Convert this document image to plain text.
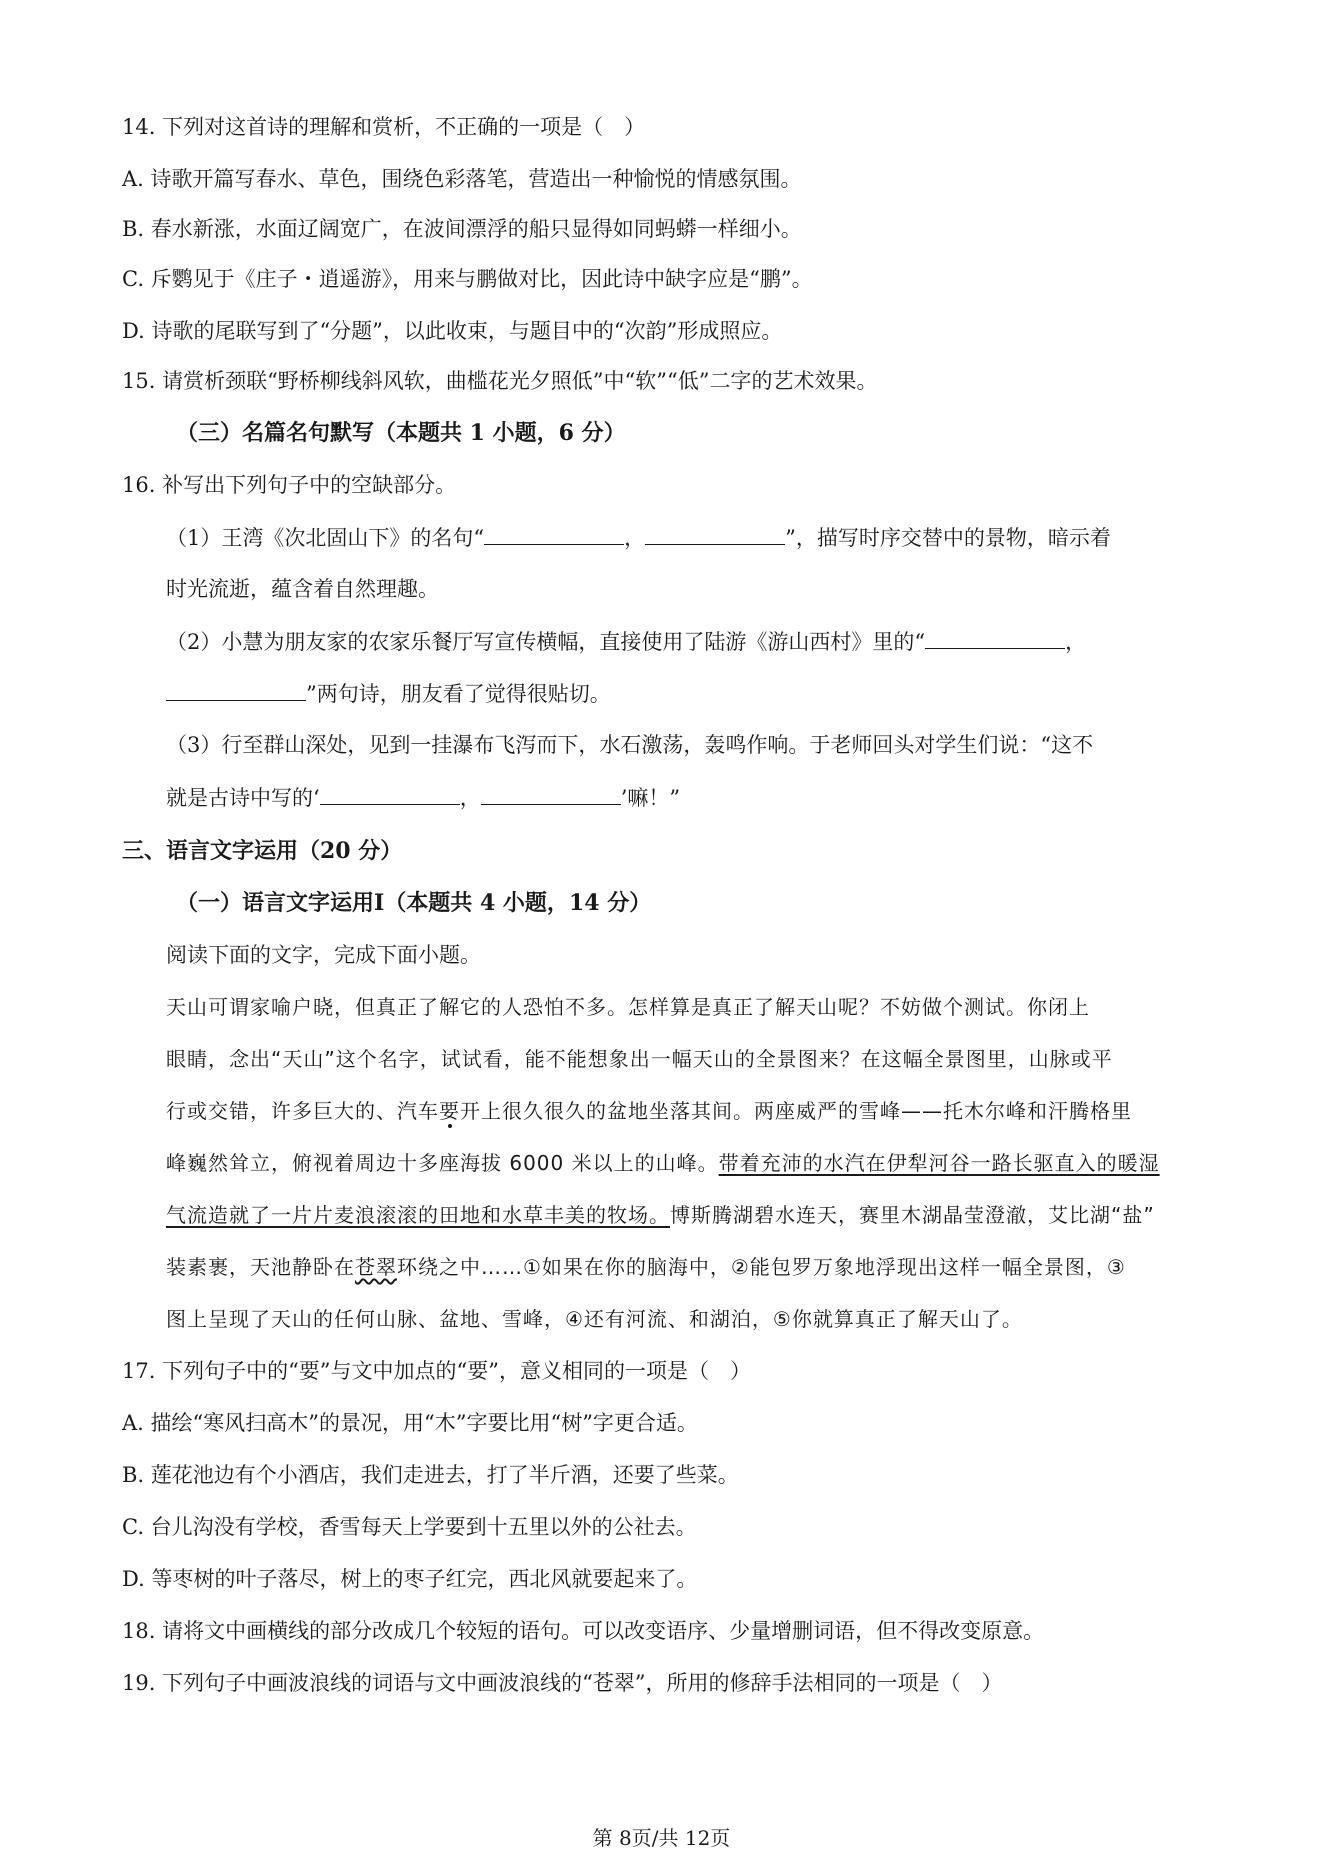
14. 下列对这首诗的理解和赏析，不正确的一项是（　）
A. 诗歌开篇写春水、草色，围绕色彩落笔，营造出一种愉悦的情感氛围。
B. 春水新涨，水面辽阔宽广，在波间漂浮的船只显得如同蚂蟒一样细小。
C. 斥鹦见于《庄子・逍遥游》，用来与鹏做对比，因此诗中缺字应是“鹏”。
D. 诗歌的尾联写到了“分题”，以此收束，与题目中的“次韵”形成照应。
15. 请赏析颈联“野桥柳线斜风软，曲槛花光夕照低”中“软”“低”二字的艺术效果。
（三）名篇名句默写（本题共 1 小题，6 分）
16. 补写出下列句子中的空缺部分。
（1）王湾《次北固山下》的名句“	，	”，描写时序交替中的景物，暗示着
时光流逝，蕴含着自然理趣。
（2）小慧为朋友家的农家乐餐厅写宣传横幅，直接使用了陆游《游山西村》里的“	，
”两句诗，朋友看了觉得很贴切。
（3）行至群山深处，见到一挂瀑布飞泻而下，水石激荡，轰鸣作响。于老师回头对学生们说：“这不
就是古诗中写的‘	，	’嘛！”
三、语言文字运用（20 分）
（一）语言文字运用Ⅰ（本题共 4 小题，14 分）
阅读下面的文字，完成下面小题。
天山可谓家喻户晓，但真正了解它的人恐怕不多。怎样算是真正了解天山呢？不妨做个测试。你闭上
眼睛，念出“天山”这个名字，试试看，能不能想象出一幅天山的全景图来？在这幅全景图里，山脉或平
行或交错，许多巨大的、汽车要开上很久很久的盆地坐落其间。两座威严的雪峰——托木尔峰和汗腾格里
峰巍然耸立，俯视着周边十多座海拔 6000 米以上的山峰。带着充沛的水汽在伊犁河谷一路长驱直入的暖湿
气流造就了一片片麦浪滚滚的田地和水草丰美的牧场。博斯腾湖碧水连天，赛里木湖晶莹澄澈，艾比湖“盐”
装素裹，天池静卧在苍翠环绕之中……①如果在你的脑海中，②能包罗万象地浮现出这样一幅全景图，③
图上呈现了天山的任何山脉、盆地、雪峰，④还有河流、和湖泊，⑤你就算真正了解天山了。
17. 下列句子中的“要”与文中加点的“要”，意义相同的一项是（　）
A. 描绘“寒风扫高木”的景况，用“木”字要比用“树”字更合适。
B. 莲花池边有个小酒店，我们走进去，打了半斤酒，还要了些菜。
C. 台儿沟没有学校，香雪每天上学要到十五里以外的公社去。
D. 等枣树的叶子落尽，树上的枣子红完，西北风就要起来了。
18. 请将文中画横线的部分改成几个较短的语句。可以改变语序、少量增删词语，但不得改变原意。
19. 下列句子中画波浪线的词语与文中画波浪线的“苍翠”，所用的修辞手法相同的一项是（　）
第 8页/共 12页
